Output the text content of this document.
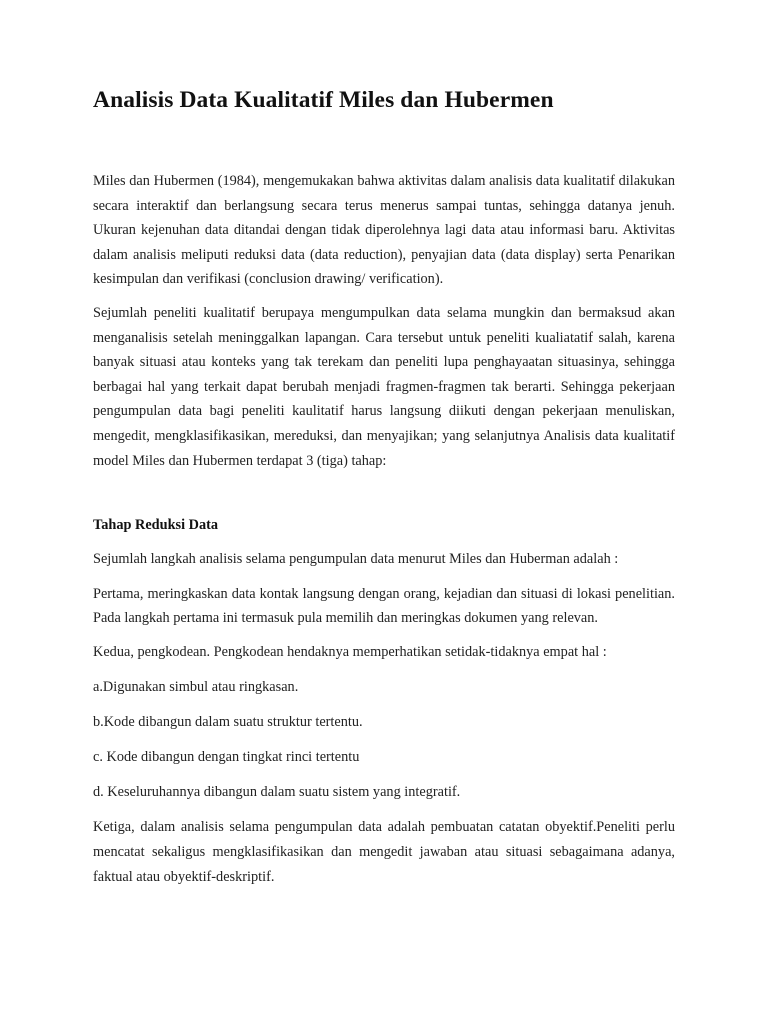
Analisis Data Kualitatif Miles dan Hubermen

Miles dan Hubermen (1984), mengemukakan bahwa aktivitas dalam analisis data kualitatif dilakukan secara interaktif dan berlangsung secara terus menerus sampai tuntas, sehingga datanya jenuh. Ukuran kejenuhan data ditandai dengan tidak diperolehnya lagi data atau informasi baru. Aktivitas dalam analisis meliputi reduksi data (data reduction), penyajian data (data display) serta Penarikan kesimpulan dan verifikasi (conclusion drawing/ verification).

Sejumlah peneliti kualitatif berupaya mengumpulkan data selama mungkin dan bermaksud akan menganalisis setelah meninggalkan lapangan. Cara tersebut untuk peneliti kualiatatif salah, karena banyak situasi atau konteks yang tak terekam dan peneliti lupa penghayaatan situasinya, sehingga berbagai hal yang terkait dapat berubah menjadi fragmen-fragmen tak berarti. Sehingga pekerjaan pengumpulan data bagi peneliti kaulitatif harus langsung diikuti dengan pekerjaan menuliskan, mengedit, mengklasifikasikan, mereduksi, dan menyajikan; yang selanjutnya Analisis data kualitatif model Miles dan Hubermen terdapat 3 (tiga) tahap:

Tahap Reduksi Data

Sejumlah langkah analisis selama pengumpulan data menurut Miles dan Huberman adalah :

Pertama, meringkaskan data kontak langsung dengan orang, kejadian dan situasi di lokasi penelitian. Pada langkah pertama ini termasuk pula memilih dan meringkas dokumen yang relevan.

Kedua, pengkodean. Pengkodean hendaknya memperhatikan setidak-tidaknya empat hal :

a.Digunakan simbul atau ringkasan.

b.Kode dibangun dalam suatu struktur tertentu.

c. Kode dibangun dengan tingkat rinci tertentu

d. Keseluruhannya dibangun dalam suatu sistem yang integratif.

Ketiga, dalam analisis selama pengumpulan data adalah pembuatan catatan obyektif.Peneliti perlu mencatat sekaligus mengklasifikasikan dan mengedit jawaban atau situasi sebagaimana adanya, faktual atau obyektif-deskriptif.
